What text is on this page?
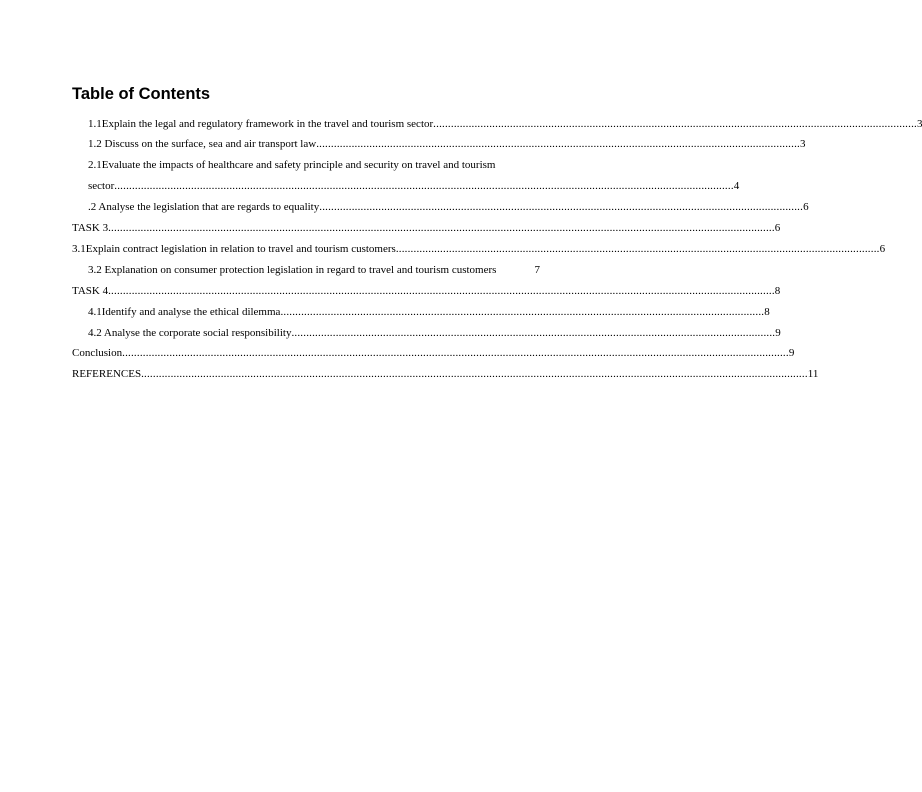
Table of Contents
1.1Explain the legal and regulatory framework in the travel and tourism sector .................................................................................................................................................................... 3
1.2 Discuss on the surface, sea and air transport law .................................................................................................................................................................... 3
2.1Evaluate the impacts of healthcare and safety principle and security on travel and tourism
sector .................................................................................................................................................................................................................. 4
.2 Analyse the legislation that are regards to equality .................................................................................................................................................................... 6
TASK 3 .................................................................................................................................................................................................................................. 6
3.1Explain contract legislation in relation to travel and tourism customers .................................................................................................................................................................... 6
3.2 Explanation on consumer protection legislation in regard to travel and tourism customers	7
TASK 4 .................................................................................................................................................................................................................................. 8
4.1Identify and analyse the ethical dilemma .................................................................................................................................................................... 8
4.2 Analyse the corporate social responsibility .................................................................................................................................................................... 9
Conclusion .................................................................................................................................................................................................................................. 9
REFERENCES .................................................................................................................................................................................................................................. 11
